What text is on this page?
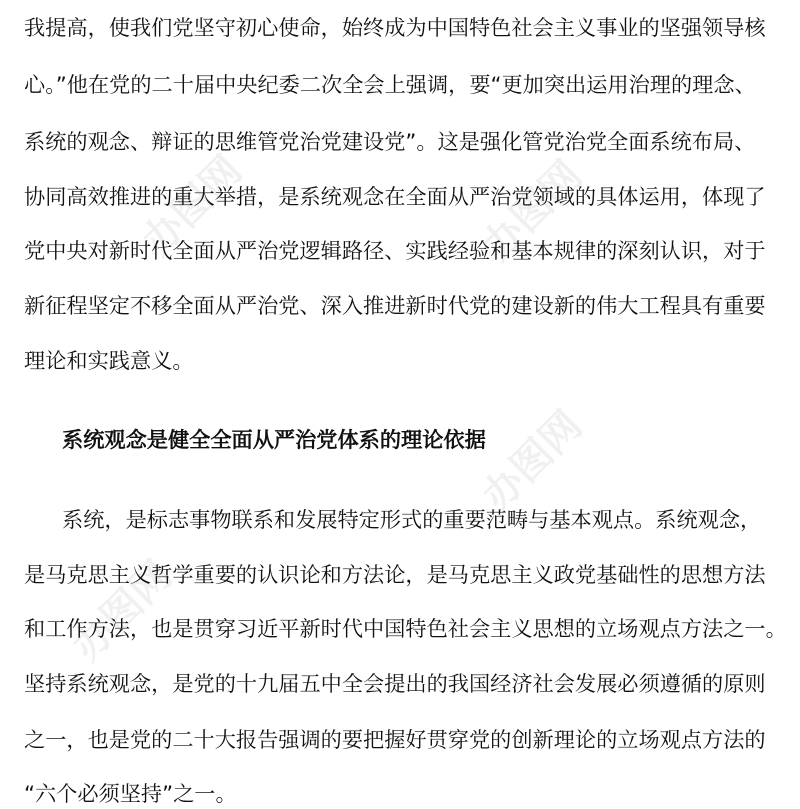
办图网	办图网
办图网
办图网
我提高，使我们党坚守初心使命，始终成为中国特色社会主义事业的坚强领导核
心。”他在党的二十届中央纪委二次全会上强调，要“更加突出运用治理的理念、
系统的观念、辩证的思维管党治党建设党”。这是强化管党治党全面系统布局、
协同高效推进的重大举措，是系统观念在全面从严治党领域的具体运用，体现了
党中央对新时代全面从严治党逻辑路径、实践经验和基本规律的深刻认识，对于
新征程坚定不移全面从严治党、深入推进新时代党的建设新的伟大工程具有重要
理论和实践意义。
系统观念是健全全面从严治党体系的理论依据
系统，是标志事物联系和发展特定形式的重要范畴与基本观点。系统观念，
是马克思主义哲学重要的认识论和方法论，是马克思主义政党基础性的思想方法
和工作方法，也是贯穿习近平新时代中国特色社会主义思想的立场观点方法之一。
坚持系统观念，是党的十九届五中全会提出的我国经济社会发展必须遵循的原则
之一，也是党的二十大报告强调的要把握好贯穿党的创新理论的立场观点方法的
“六个必须坚持”之一。
